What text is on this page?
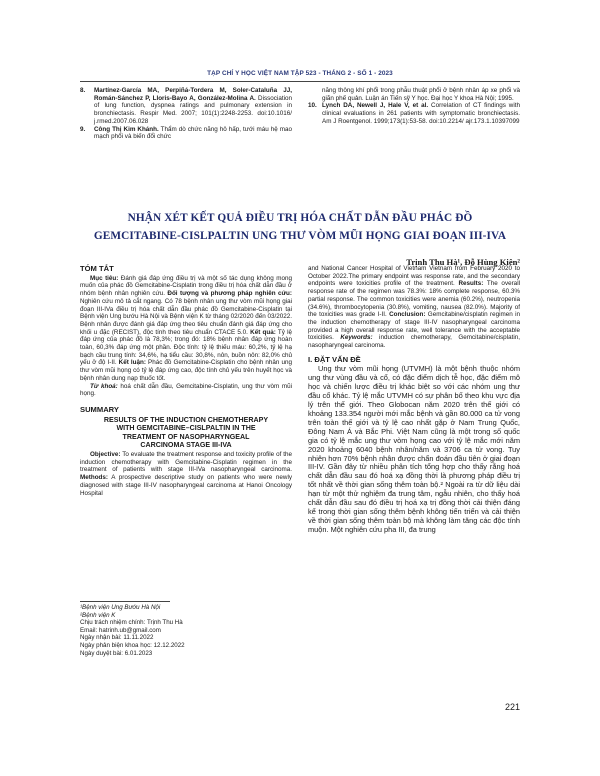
TẠP CHÍ Y HỌC VIỆT NAM TẬP 523 - THÁNG 2 - SỐ 1 - 2023
8.	Martínez-García MA, Perpiñá-Tordera M, Soler-Cataluña JJ, Román-Sánchez P, Lloris-Bayo A, González-Molina A. Dissociation of lung function, dyspnea ratings and pulmonary extension in bronchiectasis. Respir Med. 2007; 101(1):2248-2253. doi:10.1016/ j.rmed.2007.06.028
9.	Công Thị Kim Khánh. Thẩm dò chức năng hô hấp, tưới máu hệ mao mạch phổi và biến đổi chức
năng thông khí phổi trong phẫu thuật phổi ở bệnh nhân áp xe phổi và giãn phế quản. Luận án Tiến sỹ Y học. Đại học Y khoa Hà Nội; 1995.
10. Lynch DA, Newell J, Hale V, et al. Correlation of CT findings with clinical evaluations in 261 patients with symptomatic bronchiectasis. Am J Roentgenol. 1999;173(1):53-58. doi:10.2214/ ajr.173.1.10397099
NHẬN XÉT KẾT QUẢ ĐIỀU TRỊ HÓA CHẤT DẪN ĐẦU PHÁC ĐỒ
GEMCITABINE-CISLPALTIN UNG THƯ VÒM MŨI HỌNG GIAI ĐOẠN III-IVA
Trịnh Thu Hà¹, Đỗ Hùng Kiên²
TÓM TẮT

Mục tiêu: Đánh giá đáp ứng điều trị và một số tác dụng không mong muốn của phác đồ Gemcitabine-Cisplatin trong điều trị hóa chất dẫn đầu ở nhóm bệnh nhân nghiên cứu. Đối tượng và phương pháp nghiên cứu: Nghiên cứu mô tả cắt ngang. Có 78 bệnh nhân ung thư vòm mũi họng giai đoạn III-IVa điều trị hóa chất dẫn đầu phác đồ Gemcitabine-Cisplatin tại Bệnh viện Ung bướu Hà Nội và Bệnh viện K từ tháng 02/2020 đến 03/2022. Bệnh nhân được đánh giá đáp ứng theo tiêu chuẩn đánh giá đáp ứng cho khối u đặc (RECIST), độc tính theo tiêu chuẩn CTACE 5.0. Kết quả: Tỷ lệ đáp ứng của phác đồ là 78,3%; trong đó: 18% bệnh nhân đáp ứng hoàn toàn, 60,3% đáp ứng một phần. Độc tính: tỷ lệ thiếu máu: 60,2%, tỷ lệ hạ bạch cầu trung tính: 34,6%, hạ tiểu cầu: 30,8%, nôn, buồn nôn: 82,0% chủ yếu ở độ I-II. Kết luận: Phác đồ Gemcitabine-Cisplatin cho bệnh nhân ung thư vòm mũi họng có tỷ lệ đáp ứng cao, độc tính chủ yếu trên huyết học và bệnh nhân dung nạp thuốc tốt.

Từ khoá: hoá chất dẫn đầu, Gemcitabine-Cisplatin, ung thư vòm mũi họng.

SUMMARY
RESULTS OF THE INDUCTION CHEMOTHERAPY
WITH GEMCITABINE–CISLPALTIN IN THE
TREATMENT OF NASOPHARYNGEAL
CARCINOMA STAGE III-IVA

Objective: To evaluate the treatment response and toxicity profile of the induction chemotherapy with Gemcitabine-Cisplatin regimen in the treatment of patients with stage III-IVa nasopharyngeal carcinoma. Methods: A prospective descriptive study on patients who were newly diagnosed with stage III-IV nasopharyngeal carcinoma at Hanoi Oncology Hospital

¹Bệnh viện Ung Bướu Hà Nội
²Bệnh viện K
Chịu trách nhiệm chính: Trịnh Thu Hà
Email: hatrinh.ub@gmail.com
Ngày nhận bài: 11.11.2022
Ngày phản biện khoa học: 12.12.2022
Ngày duyệt bài: 6.01.2023

and National Cancer Hospital of Vietnam Vietnam from February 2020 to October 2022.The primary endpoint was response rate, and the secondary endpoints were toxicities profile of the treatment. Results: The overall response rate of the regimen was 78.3%: 18% complete response, 60.3% partial response. The common toxicities were anemia (60.2%), neutropenia (34.6%), thrombocytopenia (30.8%), vomiting, nausea (82.0%). Majority of the toxicities was grade I-II. Conclusion: Gemcitabine/cisplatin regimen in the induction chemotherapy of stage III-IV nasopharyngeal carcinoma provided a high overall response rate, well tolerance with the acceptable toxicities. Keywords: induction chemotherapy, Gemcitabine/cisplatin, nasopharyngeal carcinoma.

I. ĐẶT VẤN ĐỀ

Ung thư vòm mũi họng (UTVMH) là một bệnh thuộc nhóm ung thư vùng đầu và cổ, có đặc điểm dịch tễ học, đặc điểm mô học và chiến lược điều trị khác biệt so với các nhóm ung thư đầu cổ khác. Tỷ lệ mắc UTVMH có sự phân bố theo khu vực địa lý trên thế giới. Theo Globocan năm 2020 trên thế giới có khoảng 133.354 người mới mắc bệnh và gần 80.000 ca tử vong trên toàn thế giới và tỷ lệ cao nhất gặp ở Nam Trung Quốc, Đông Nam Á và Bắc Phi. Việt Nam cũng là một trong số quốc gia có tỷ lệ mắc ung thư vòm họng cao với tỷ lệ mắc mới năm 2020 khoảng 6040 bệnh nhân/năm và 3706 ca tử vong. Tuy nhiên hơn 70% bệnh nhân được chẩn đoán đầu tiên ở giai đoạn III-IV. Gần đây từ nhiều phân tích tổng hợp cho thấy rằng hoá chất dẫn đầu sau đó hoá xạ đồng thời là phương pháp điều trị tốt nhất về thời gian sống thêm toàn bộ.² Ngoài ra từ dữ liệu dài hạn từ một thử nghiệm đa trung tâm, ngẫu nhiên, cho thấy hoá chất dẫn đầu sau đó điều trị hoá xạ trị đồng thời cải thiện đáng kể trong thời gian sống thêm bệnh không tiến triển và cải thiện về thời gian sống thêm toàn bộ mà không làm tăng các độc tính muộn. Một nghiên cứu pha III, đa trung

221
